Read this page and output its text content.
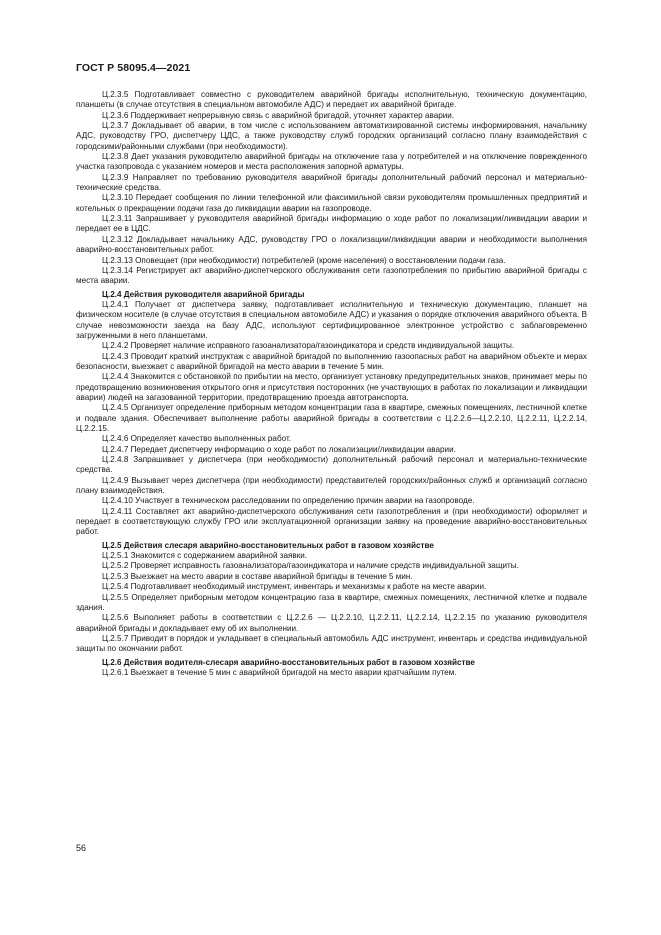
ГОСТ Р 58095.4—2021

Ц.2.3.5 Подготавливает совместно с руководителем аварийной бригады исполнительную, техническую документацию, планшеты (в случае отсутствия в специальном автомобиле АДС) и передает их аварийной бригаде.

Ц.2.3.6 Поддерживает непрерывную связь с аварийной бригадой, уточняет характер аварии.

Ц.2.3.7 Докладывает об аварии, в том числе с использованием автоматизированной системы информирования, начальнику АДС, руководству ГРО, диспетчеру ЦДС, а также руководству служб городских организаций согласно плану взаимодействия с городскими/районными службами (при необходимости).

Ц.2.3.8 Дает указания руководителю аварийной бригады на отключение газа у потребителей и на отключение поврежденного участка газопровода с указанием номеров и места расположения запорной арматуры.

Ц.2.3.9 Направляет по требованию руководителя аварийной бригады дополнительный рабочий персонал и материально-технические средства.

Ц.2.3.10 Передает сообщения по линии телефонной или факсимильной связи руководителям промышленных предприятий и котельных о прекращении подачи газа до ликвидации аварии на газопроводе.

Ц.2.3.11 Запрашивает у руководителя аварийной бригады информацию о ходе работ по локализации/ликвидации аварии и передает ее в ЦДС.

Ц.2.3.12 Докладывает начальнику АДС, руководству ГРО о локализации/ликвидации аварии и необходимости выполнения аварийно-восстановительных работ.

Ц.2.3.13 Оповещает (при необходимости) потребителей (кроме населения) о восстановлении подачи газа.

Ц.2.3.14 Регистрирует акт аварийно-диспетчерского обслуживания сети газопотребления по прибытию аварийной бригады с места аварии.

Ц.2.4 Действия руководителя аварийной бригады

Ц.2.4.1 Получает от диспетчера заявку, подготавливает исполнительную и техническую документацию, планшет на физическом носителе (в случае отсутствия в специальном автомобиле АДС) и указания о порядке отключения аварийного объекта. В случае невозможности заезда на базу АДС, используют сертифицированное электронное устройство с заблаговременно загруженными в него планшетами.

Ц.2.4.2 Проверяет наличие исправного газоанализатора/газоиндикатора и средств индивидуальной защиты.

Ц.2.4.3 Проводит краткий инструктаж с аварийной бригадой по выполнению газоопасных работ на аварийном объекте и мерах безопасности, выезжает с аварийной бригадой на место аварии в течение 5 мин.

Ц.2.4.4 Знакомится с обстановкой по прибытии на место, организует установку предупредительных знаков, принимает меры по предотвращению возникновения открытого огня и присутствия посторонних (не участвующих в работах по локализации и ликвидации аварии) людей на загазованной территории, предотвращению проезда автотранспорта.

Ц.2.4.5 Организует определение приборным методом концентрации газа в квартире, смежных помещениях, лестничной клетке и подвале здания. Обеспечивает выполнение работы аварийной бригады в соответствии с Ц.2.2.6—Ц.2.2.10, Ц.2.2.11, Ц.2.2.14, Ц.2.2.15.

Ц.2.4.6 Определяет качество выполненных работ.

Ц.2.4.7 Передает диспетчеру информацию о ходе работ по локализации/ликвидации аварии.

Ц.2.4.8 Запрашивает у диспетчера (при необходимости) дополнительный рабочий персонал и материально-технические средства.

Ц.2.4.9 Вызывает через диспетчера (при необходимости) представителей городских/районных служб и организаций согласно плану взаимодействия.

Ц.2.4.10 Участвует в техническом расследовании по определению причин аварии на газопроводе.

Ц.2.4.11 Составляет акт аварийно-диспетчерского обслуживания сети газопотребления и (при необходимости) оформляет и передает в соответствующую службу ГРО или эксплуатационной организации заявку на проведение аварийно-восстановительных работ.

Ц.2.5 Действия слесаря аварийно-восстановительных работ в газовом хозяйстве

Ц.2.5.1 Знакомится с содержанием аварийной заявки.

Ц.2.5.2 Проверяет исправность газоанализатора/газоиндикатора и наличие средств индивидуальной защиты.

Ц.2.5.3 Выезжает на место аварии в составе аварийной бригады в течение 5 мин.

Ц.2.5.4 Подготавливает необходимый инструмент, инвентарь и механизмы к работе на месте аварии.

Ц.2.5.5 Определяет приборным методом концентрацию газа в квартире, смежных помещениях, лестничной клетке и подвале здания.

Ц.2.5.6 Выполняет работы в соответствии с Ц.2.2.6 — Ц.2.2.10, Ц.2.2.11, Ц.2.2.14, Ц.2.2.15 по указанию руководителя аварийной бригады и докладывает ему об их выполнении.

Ц.2.5.7 Приводит в порядок и укладывает в специальный автомобиль АДС инструмент, инвентарь и средства индивидуальной защиты по окончании работ.

Ц.2.6 Действия водителя-слесаря аварийно-восстановительных работ в газовом хозяйстве

Ц.2.6.1 Выезжает в течение 5 мин с аварийной бригадой на место аварии кратчайшим путем.

56
